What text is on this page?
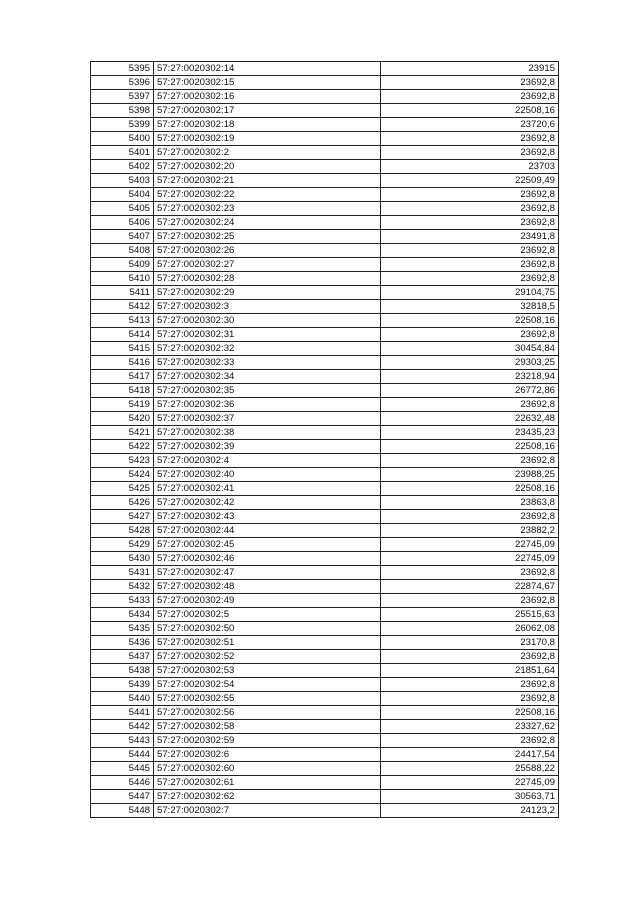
5395	57:27:0020302:14	23915
5396	57:27:0020302:15	23692,8
5397	57:27:0020302:16	23692,8
5398	57:27:0020302:17	22508,16
5399	57:27:0020302:18	23720,6
5400	57:27:0020302:19	23692,8
5401	57:27:0020302:2	23692,8
5402	57:27:0020302:20	23703
5403	57:27:0020302:21	22509,49
5404	57:27:0020302:22	23692,8
5405	57:27:0020302:23	23692,8
5406	57:27:0020302:24	23692,8
5407	57:27:0020302:25	23491,8
5408	57:27:0020302:26	23692,8
5409	57:27:0020302:27	23692,8
5410	57:27:0020302:28	23692,8
5411	57:27:0020302:29	29104,75
5412	57:27:0020302:3	32818,5
5413	57:27:0020302:30	22508,16
5414	57:27:0020302:31	23692,8
5415	57:27:0020302:32	30454,84
5416	57:27:0020302:33	29303,25
5417	57:27:0020302:34	23218,94
5418	57:27:0020302:35	26772,86
5419	57:27:0020302:36	23692,8
5420	57:27:0020302:37	22632,48
5421	57:27:0020302:38	23435,23
5422	57:27:0020302:39	22508,16
5423	57:27:0020302:4	23692,8
5424	57:27:0020302:40	23988,25
5425	57:27:0020302:41	22508,16
5426	57:27:0020302:42	23863,8
5427	57:27:0020302:43	23692,8
5428	57:27:0020302:44	23882,2
5429	57:27:0020302:45	22745,09
5430	57:27:0020302:46	22745,09
5431	57:27:0020302:47	23692,8
5432	57:27:0020302:48	22874,67
5433	57:27:0020302:49	23692,8
5434	57:27:0020302:5	25515,63
5435	57:27:0020302:50	26062,08
5436	57:27:0020302:51	23170,8
5437	57:27:0020302:52	23692,8
5438	57:27:0020302:53	21851,64
5439	57:27:0020302:54	23692,8
5440	57:27:0020302:55	23692,8
5441	57:27:0020302:56	22508,16
5442	57:27:0020302:58	23327,62
5443	57:27:0020302:59	23692,8
5444	57:27:0020302:6	24417,54
5445	57:27:0020302:60	25588,22
5446	57:27:0020302:61	22745,09
5447	57:27:0020302:62	30563,71
5448	57:27:0020302:7	24123,2
